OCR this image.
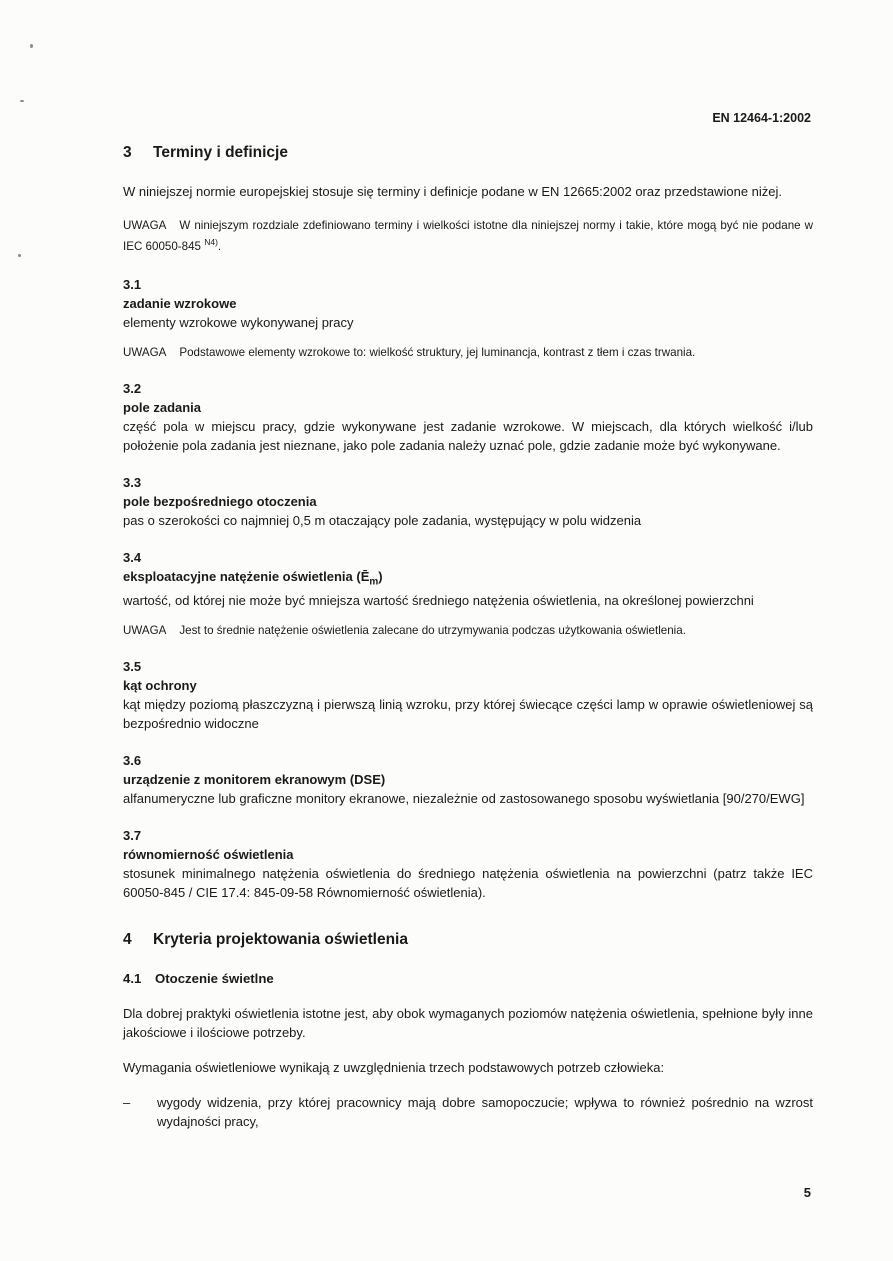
EN 12464-1:2002
3 Terminy i definicje

W niniejszej normie europejskiej stosuje się terminy i definicje podane w EN 12665:2002 oraz przedstawione niżej.

UWAGA W niniejszym rozdziale zdefiniowano terminy i wielkości istotne dla niniejszej normy i takie, które mogą być nie podane w IEC 60050-845 $^{N4)}$.

3.1
zadanie wzrokowe

elementy wzrokowe wykonywanej pracy

UWAGA Podstawowe elementy wzrokowe to: wielkość struktury, jej luminancja, kontrast z tłem i czas trwania.

3.2
pole zadania

część pola w miejscu pracy, gdzie wykonywane jest zadanie wzrokowe. W miejscach, dla których wielkość i/lub położenie pola zadania jest nieznane, jako pole zadania należy uznać pole, gdzie zadanie może być wykonywane.

3.3
pole bezpośredniego otoczenia

pas o szerokości co najmniej 0,5 m otaczający pole zadania, występujący w polu widzenia

3.4
eksploatacyjne natężenie oświetlenia $(Ē_m)$

wartość, od której nie może być mniejsza wartość średniego natężenia oświetlenia, na określonej powierzchni

UWAGA Jest to średnie natężenie oświetlenia zalecane do utrzymywania podczas użytkowania oświetlenia.

3.5
kąt ochrony

kąt między poziomą płaszczyzną i pierwszą linią wzroku, przy której świecące części lamp w oprawie oświetleniowej są bezpośrednio widoczne

3.6
urządzenie z monitorem ekranowym (DSE)

alfanumeryczne lub graficzne monitory ekranowe, niezależnie od zastosowanego sposobu wyświetlania [90/270/EWG]

3.7
równomierność oświetlenia

stosunek minimalnego natężenia oświetlenia do średniego natężenia oświetlenia na powierzchni (patrz także IEC 60050-845 / CIE 17.4: 845-09-58 Równomierność oświetlenia).

4 Kryteria projektowania oświetlenia
4.1 Otoczenie świetlne

Dla dobrej praktyki oświetlenia istotne jest, aby obok wymaganych poziomów natężenia oświetlenia, spełnione były inne jakościowe i ilościowe potrzeby.

Wymagania oświetleniowe wynikają z uwzględnienia trzech podstawowych potrzeb człowieka:

–	wygody widzenia, przy której pracownicy mają dobre samopoczucie; wpływa to również pośrednio na wzrost wydajności pracy,

5
